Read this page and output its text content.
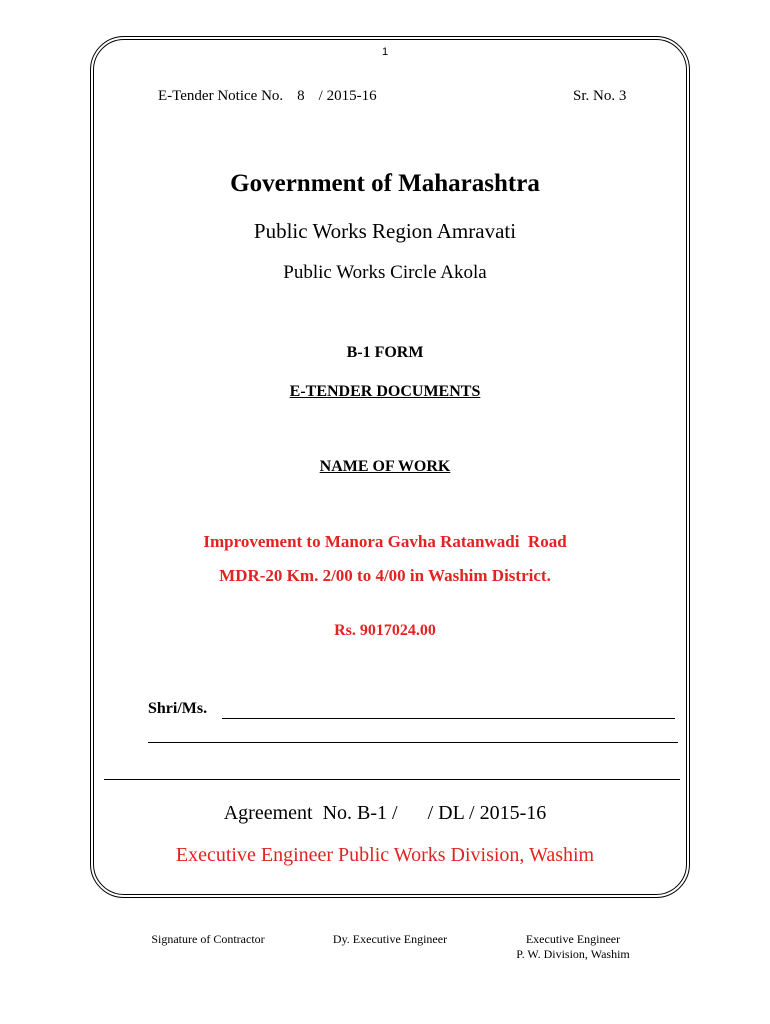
1
E-Tender Notice No. 8 / 2015-16	Sr. No. 3
Government of Maharashtra
Public Works Region Amravati
Public Works Circle Akola
B-1 FORM
E-TENDER DOCUMENTS
NAME OF WORK
Improvement to Manora Gavha Ratanwadi  Road
MDR-20 Km. 2/00 to 4/00 in Washim District.
Rs. 9017024.00
Shri/Ms.
Agreement  No. B-1 / / DL / 2015-16
Executive Engineer Public Works Division, Washim
Signature of Contractor	Dy. Executive Engineer	Executive Engineer
P. W. Division, Washim
